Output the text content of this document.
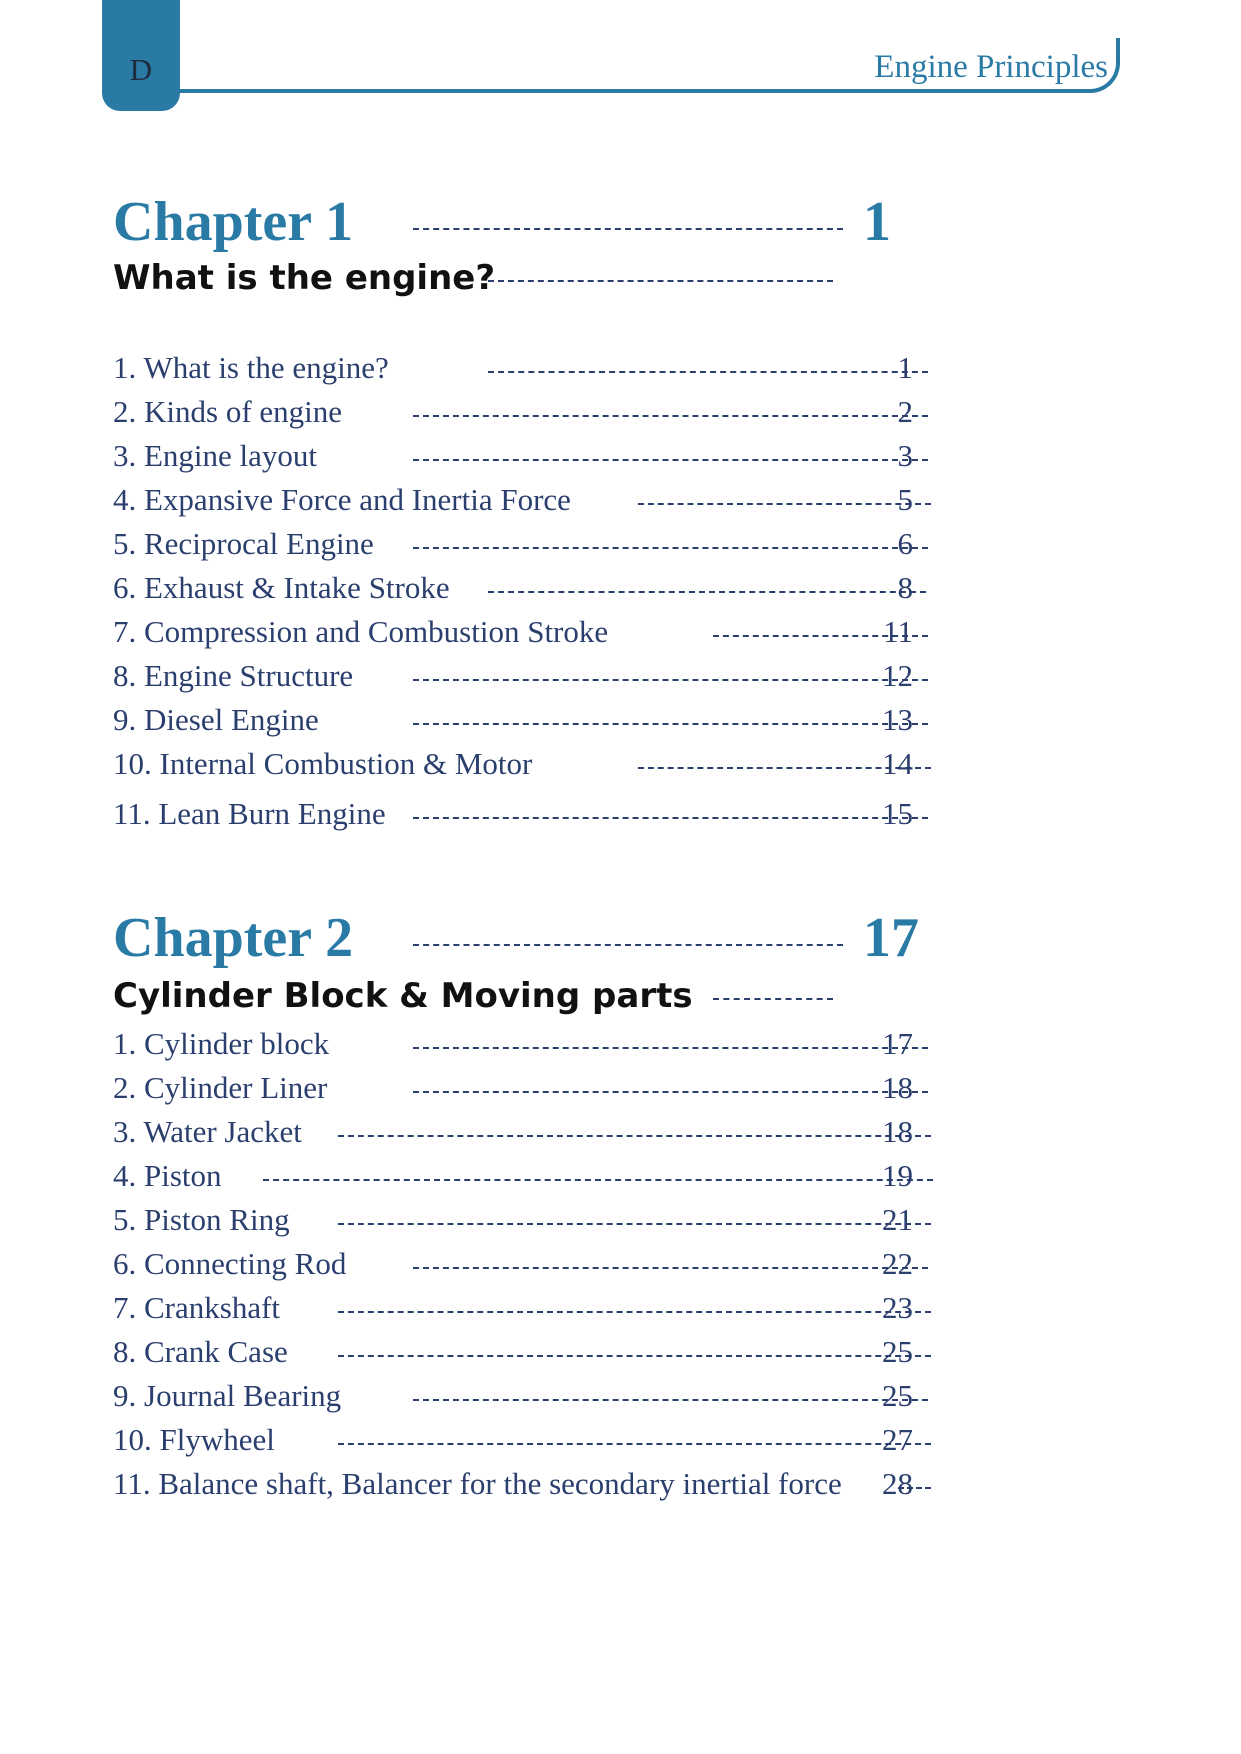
D	Engine Principles
Chapter 1	1
What is the engine?
1. What is the engine?	1
2. Kinds of engine	2
3. Engine layout	3
4. Expansive Force and Inertia Force	5
5. Reciprocal Engine	6
6. Exhaust & Intake Stroke	8
7. Compression and Combustion Stroke	11
8. Engine Structure	12
9. Diesel Engine	13
10. Internal Combustion & Motor	14
11. Lean Burn Engine	15
Chapter 2	17
Cylinder Block & Moving parts
1. Cylinder block	17
2. Cylinder Liner	18
3. Water Jacket	18
4. Piston	19
5. Piston Ring	21
6. Connecting Rod	22
7. Crankshaft	23
8. Crank Case	25
9. Journal Bearing	25
10. Flywheel	27
11. Balance shaft, Balancer for the secondary inertial force	28
